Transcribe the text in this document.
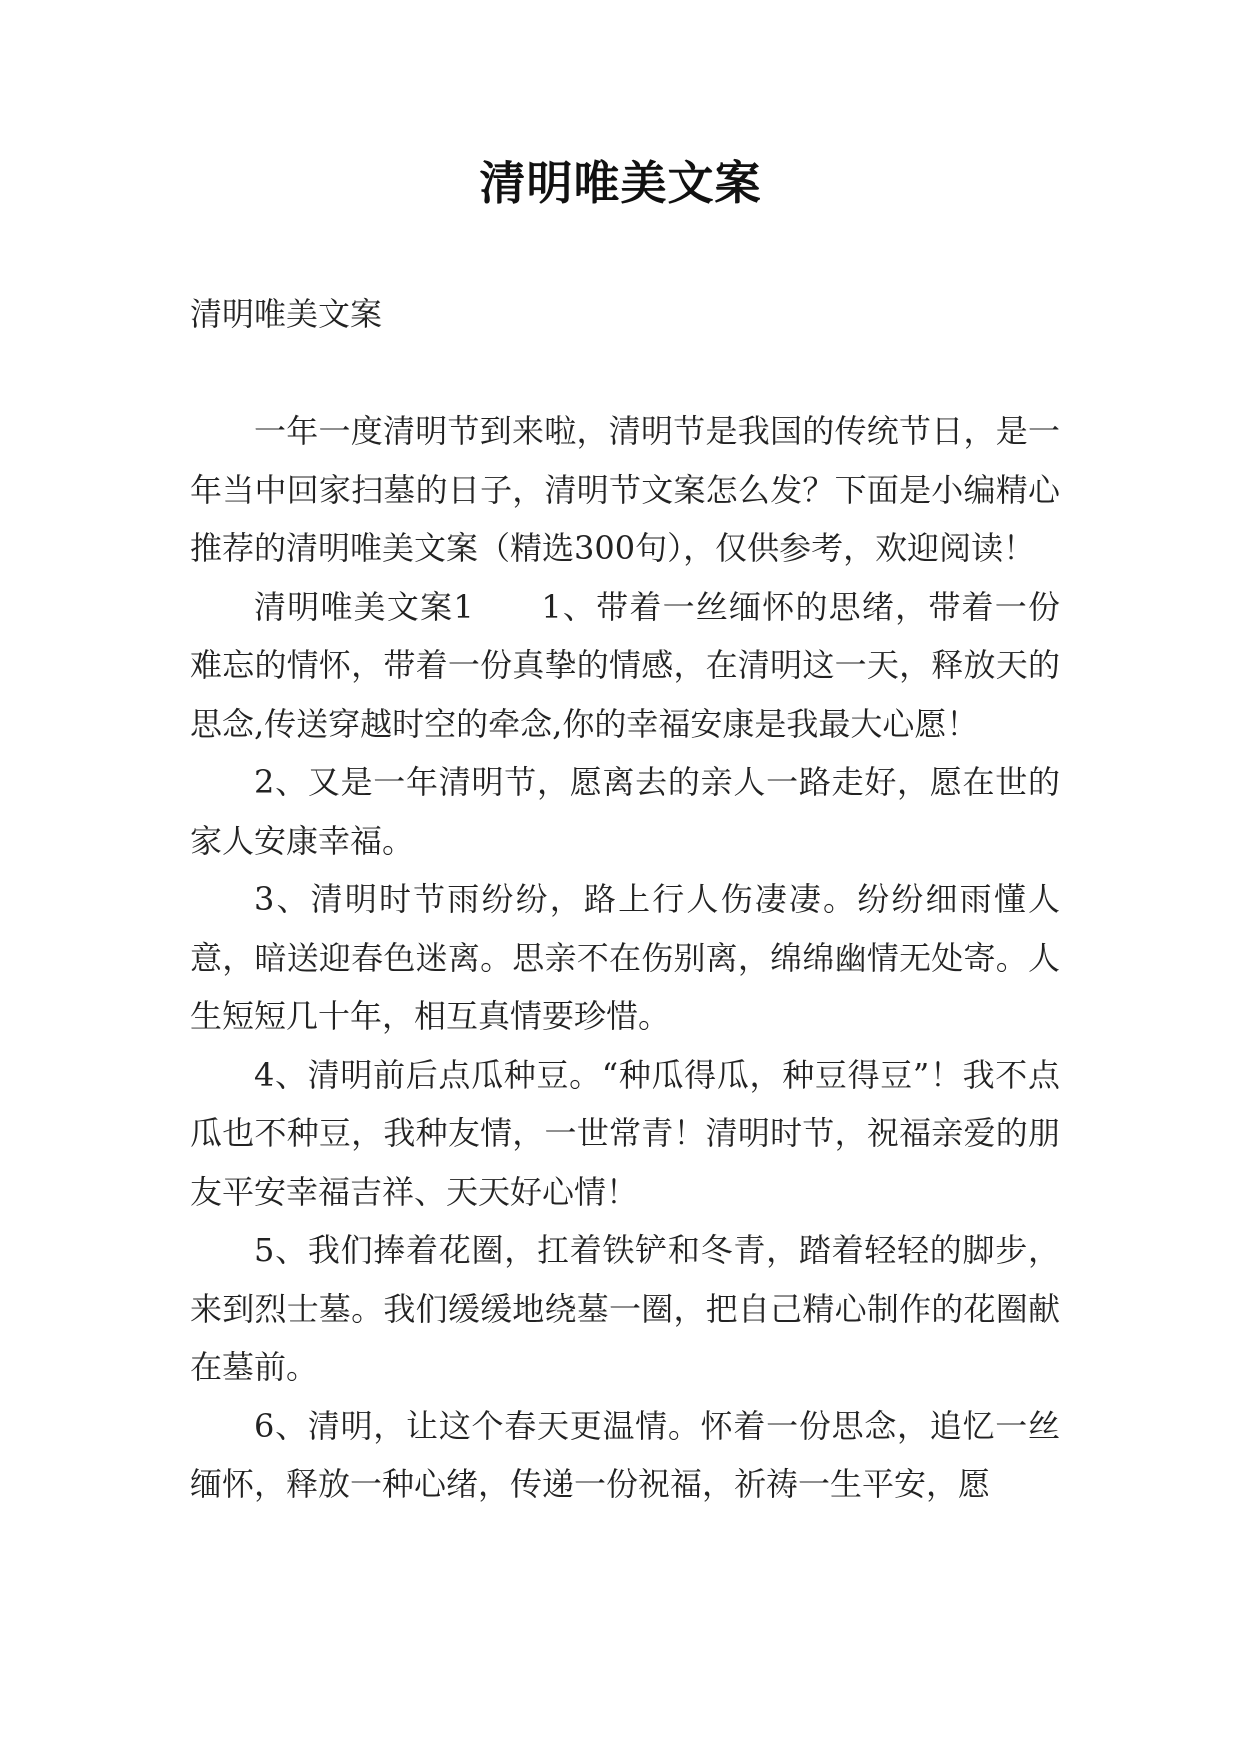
清明唯美文案
清明唯美文案

一年一度清明节到来啦，清明节是我国的传统节日，是一年当中回家扫墓的日子，清明节文案怎么发？下面是小编精心推荐的清明唯美文案（精选300句），仅供参考，欢迎阅读！

清明唯美文案1　　1、带着一丝缅怀的思绪，带着一份难忘的情怀，带着一份真挚的情感，在清明这一天，释放天的思念,传送穿越时空的牵念,你的幸福安康是我最大心愿！

2、又是一年清明节，愿离去的亲人一路走好，愿在世的家人安康幸福。

3、清明时节雨纷纷，路上行人伤凄凄。纷纷细雨懂人意，暗送迎春色迷离。思亲不在伤别离，绵绵幽情无处寄。人生短短几十年，相互真情要珍惜。

4、清明前后点瓜种豆。“种瓜得瓜，种豆得豆”！我不点瓜也不种豆，我种友情，一世常青！清明时节，祝福亲爱的朋友平安幸福吉祥、天天好心情！

5、我们捧着花圈，扛着铁铲和冬青，踏着轻轻的脚步，来到烈士墓。我们缓缓地绕墓一圈，把自己精心制作的花圈献在墓前。

6、清明，让这个春天更温情。怀着一份思念，追忆一丝缅怀，释放一种心绪，传递一份祝福，祈祷一生平安，愿
